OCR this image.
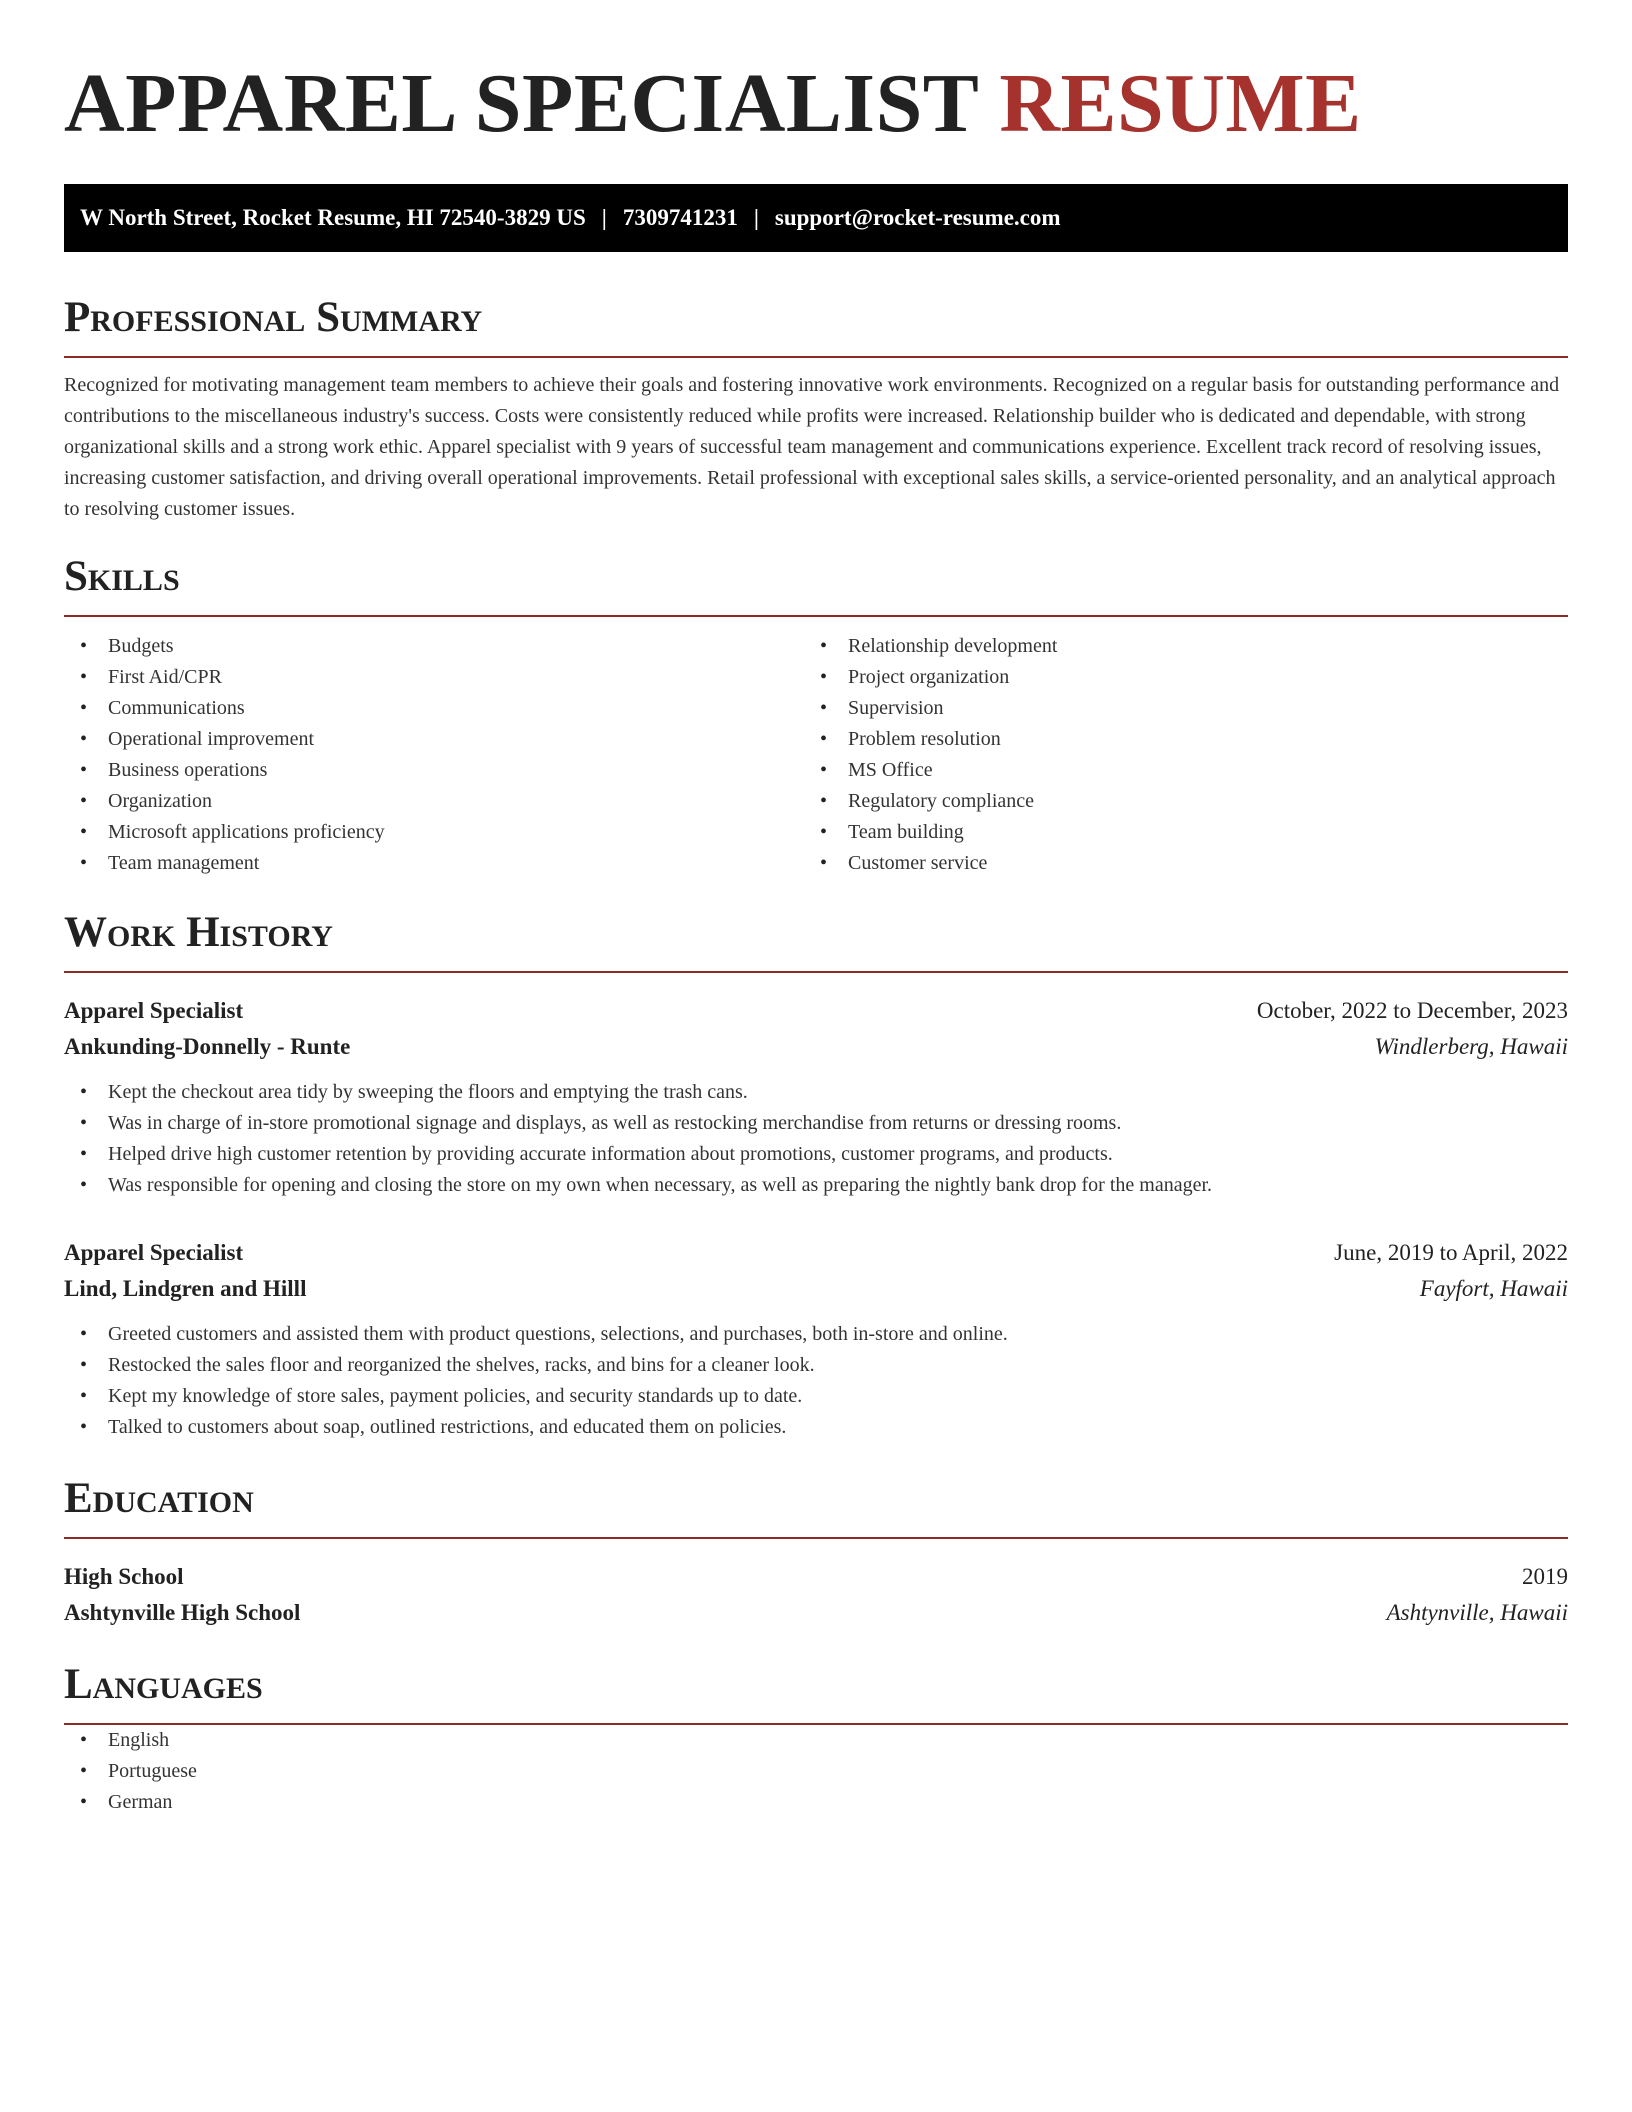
APPAREL SPECIALIST RESUME
W North Street, Rocket Resume, HI 72540-3829 US | 7309741231 | support@rocket-resume.com
Professional Summary

Recognized for motivating management team members to achieve their goals and fostering innovative work environments. Recognized on a regular basis for outstanding performance and contributions to the miscellaneous industry's success. Costs were consistently reduced while profits were increased. Relationship builder who is dedicated and dependable, with strong organizational skills and a strong work ethic. Apparel specialist with 9 years of successful team management and communications experience. Excellent track record of resolving issues, increasing customer satisfaction, and driving overall operational improvements. Retail professional with exceptional sales skills, a service-oriented personality, and an analytical approach to resolving customer issues.

Skills
• Budgets
• First Aid/CPR
• Communications
• Operational improvement
• Business operations
• Organization
• Microsoft applications proficiency
• Team management
• Relationship development
• Project organization
• Supervision
• Problem resolution
• MS Office
• Regulatory compliance
• Team building
• Customer service
Work History
Apparel Specialist	October, 2022 to December, 2023
Ankunding-Donnelly - Runte	Windlerberg, Hawaii
• Kept the checkout area tidy by sweeping the floors and emptying the trash cans.
• Was in charge of in-store promotional signage and displays, as well as restocking merchandise from returns or dressing rooms.
• Helped drive high customer retention by providing accurate information about promotions, customer programs, and products.
• Was responsible for opening and closing the store on my own when necessary, as well as preparing the nightly bank drop for the manager.
Apparel Specialist	June, 2019 to April, 2022
Lind, Lindgren and Hilll	Fayfort, Hawaii
• Greeted customers and assisted them with product questions, selections, and purchases, both in-store and online.
• Restocked the sales floor and reorganized the shelves, racks, and bins for a cleaner look.
• Kept my knowledge of store sales, payment policies, and security standards up to date.
• Talked to customers about soap, outlined restrictions, and educated them on policies.
Education
High School	2019
Ashtynville High School	Ashtynville, Hawaii
Languages
• English
• Portuguese
• German
